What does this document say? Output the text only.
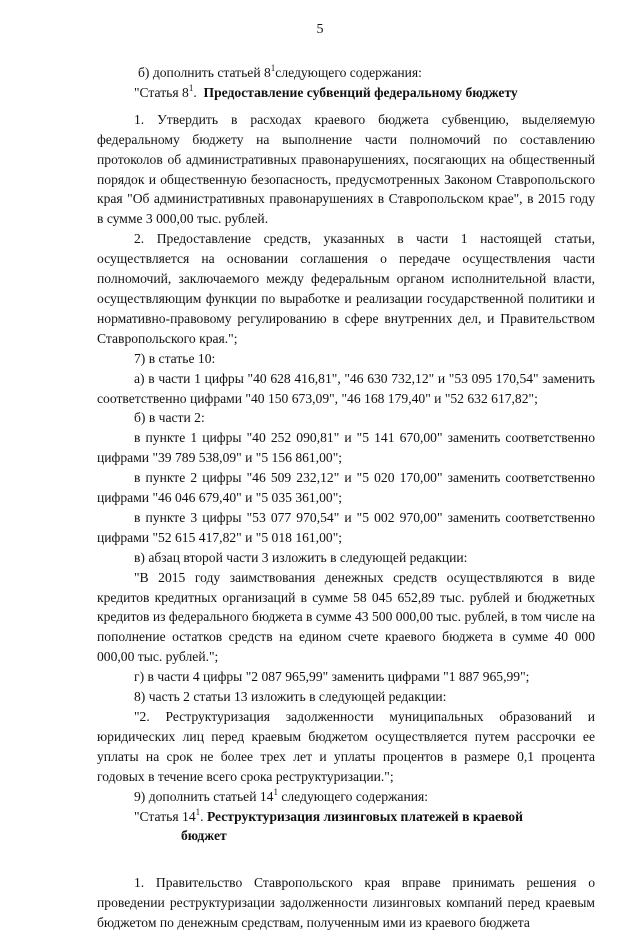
5

б) дополнить статьей $8^1следующего$ содержания:

"Статья $8^1$. Предоставление субвенций федеральному бюджету

1. Утвердить в расходах краевого бюджета субвенцию, выделяемую федеральному бюджету на выполнение части полномочий по составлению протоколов об административных правонарушениях, посягающих на общественный порядок и общественную безопасность, предусмотренных Законом Ставропольского края "Об административных правонарушениях в Ставропольском крае", в 2015 году в сумме 3 000,00 тыс. рублей.

2. Предоставление средств, указанных в части 1 настоящей статьи, осуществляется на основании соглашения о передаче осуществления части полномочий, заключаемого между федеральным органом исполнительной власти, осуществляющим функции по выработке и реализации государственной политики и нормативно-правовому регулированию в сфере внутренних дел, и Правительством Ставропольского края.";

7) в статье 10:

а) в части 1 цифры "40 628 416,81", "46 630 732,12" и "53 095 170,54" заменить соответственно цифрами "40 150 673,09", "46 168 179,40" и "52 632 617,82";

б) в части 2:

в пункте 1 цифры "40 252 090,81" и "5 141 670,00" заменить соответственно цифрами "39 789 538,09" и "5 156 861,00";

в пункте 2 цифры "46 509 232,12" и "5 020 170,00" заменить соответственно цифрами "46 046 679,40" и "5 035 361,00";

в пункте 3 цифры "53 077 970,54" и "5 002 970,00" заменить соответственно цифрами "52 615 417,82" и "5 018 161,00";

в) абзац второй части 3 изложить в следующей редакции:

"В 2015 году заимствования денежных средств осуществляются в виде кредитов кредитных организаций в сумме 58 045 652,89 тыс. рублей и бюджетных кредитов из федерального бюджета в сумме 43 500 000,00 тыс. рублей, в том числе на пополнение остатков средств на едином счете краевого бюджета в сумме 40 000 000,00 тыс. рублей.";

г) в части 4 цифры "2 087 965,99" заменить цифрами "1 887 965,99";

8) часть 2 статьи 13 изложить в следующей редакции:

"2. Реструктуризация задолженности муниципальных образований и юридических лиц перед краевым бюджетом осуществляется путем рассрочки ее уплаты на срок не более трех лет и уплаты процентов в размере 0,1 процента годовых в течение всего срока реструктуризации.";

9) дополнить статьей $14^1$ следующего содержания:

"Статья $14^1$. Реструктуризация лизинговых платежей в краевой
бюджет

1. Правительство Ставропольского края вправе принимать решения о проведении реструктуризации задолженности лизинговых компаний перед краевым бюджетом по денежным средствам, полученным ими из краевого бюджета
